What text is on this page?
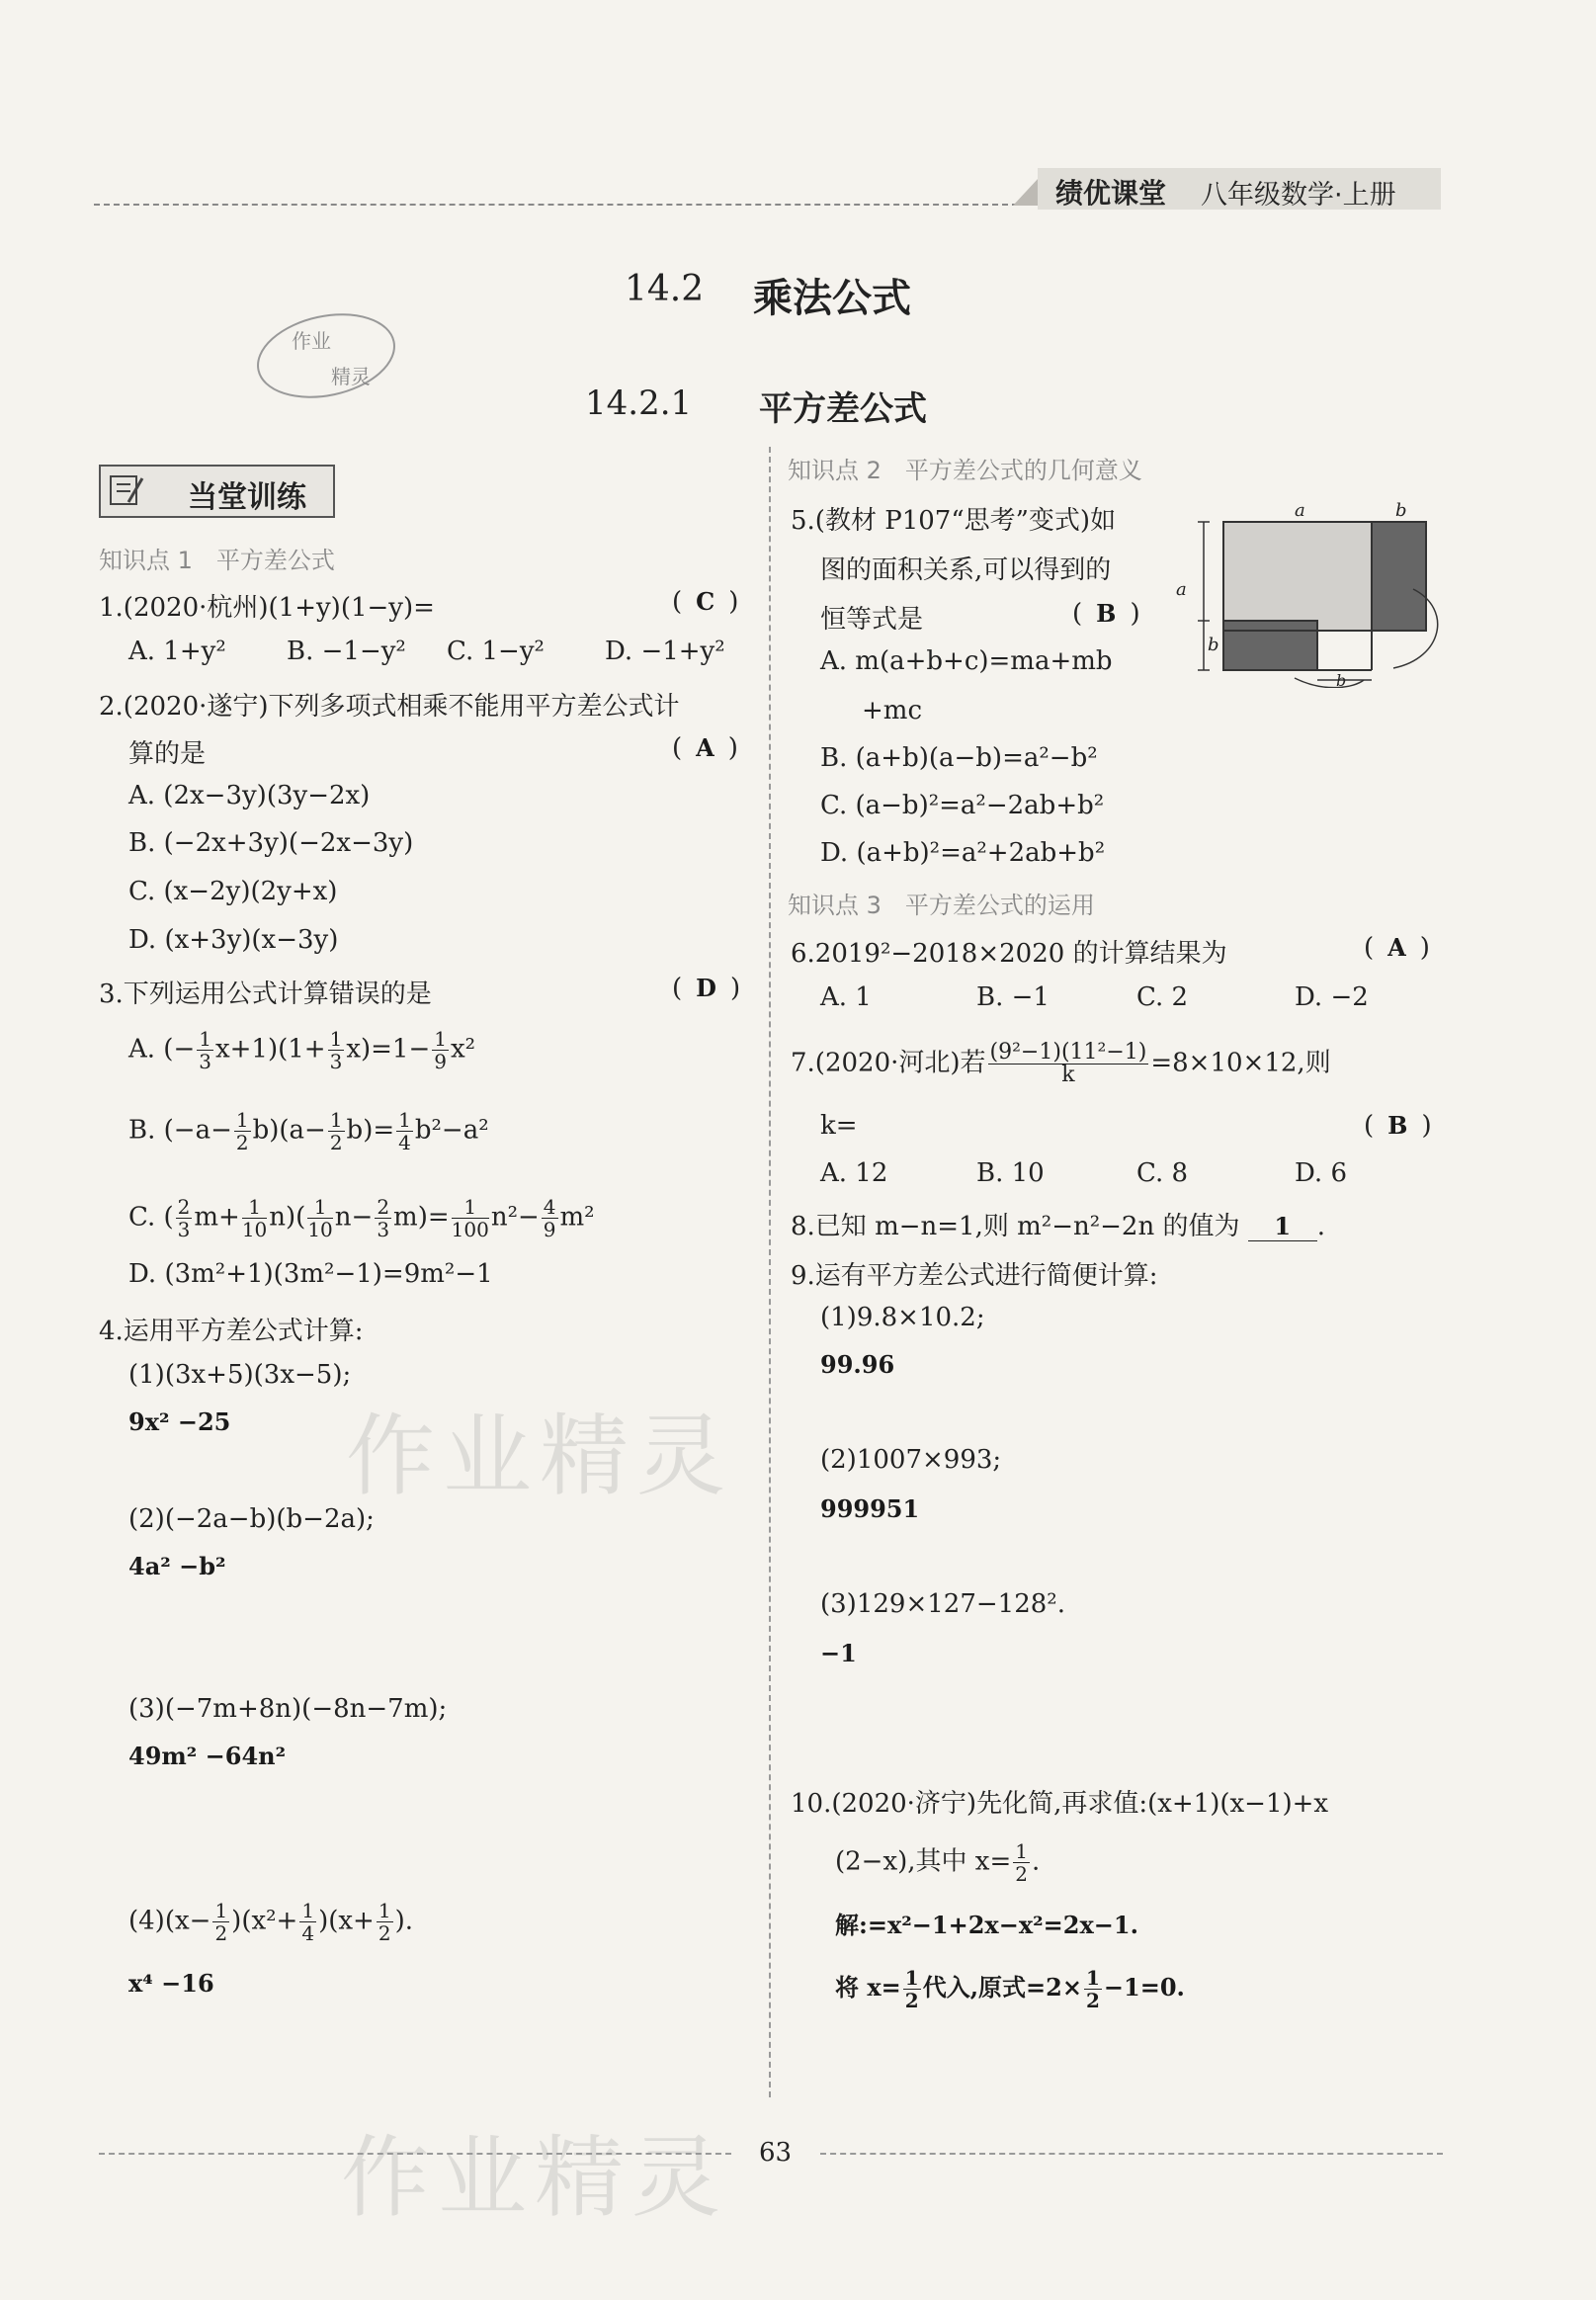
绩优课堂 八年级数学·上册
14.2 乘法公式
14.2.1 平方差公式
作业
精灵
当堂训练
知识点 1　平方差公式
1.(2020·杭州)(1+y)(1−y)=	( C )
A. 1+y² B. −1−y² C. 1−y² D. −1+y²
2.(2020·遂宁)下列多项式相乘不能用平方差公式计
算的是	( A )
A. (2x−3y)(3y−2x)
B. (−2x+3y)(−2x−3y)
C. (x−2y)(2y+x)
D. (x+3y)(x−3y)
3.下列运用公式计算错误的是	( D )
A. (− $\frac{1}{3} x+1)(1+ \frac{1}{3} x)=1- \frac{1}{9} x^2$
B. $(-a- \frac{1}{2} b)(a- \frac{1}{2} b)= \frac{1}{4} b^2-a^2$
C. ( $\frac{2}{3} m+ \frac{1}{10} n)( \frac{1}{10} n- \frac{2}{3} m)= \frac{1}{100} n^2- \frac{4}{9} m^2$
D. (3m²+1)(3m²−1)=9m²−1
4.运用平方差公式计算:
(1)(3x+5)(3x−5);
9x² −25
(2)(−2a−b)(b−2a);
4a² −b²
(3)(−7m+8n)(−8n−7m);
49m² −64n²
$(4)(x- \frac{1}{2} )(x^2+ \frac{1}{4} )(x+ \frac{1}{2}$ ).
x⁴ −16
知识点 2　平方差公式的几何意义
5.(教材 P107“思考”变式)如
图的面积关系,可以得到的
恒等式是	( B )
a	b
a
b
b
A. m(a+b+c)=ma+mb
+mc
B. (a+b)(a−b)=a²−b²
C. (a−b)²=a²−2ab+b²
D. (a+b)²=a²+2ab+b²
知识点 3　平方差公式的运用
6.2019²−2018×2020 的计算结果为	( A )
A. 1	B. −1	C. 2	D. −2
7.(2020·河北)若 $\frac{\text{(9²−1)(11²−1)}}{k} =8\times 10\times 12$,则
k=	( B )
A. 12	B. 10	C. 8	D. 6
8.已知 m−n=1,则 m²−n²−2n 的值为 1 .
9.运有平方差公式进行简便计算:
(1)9.8×10.2;
99.96
(2)1007×993;
999951
(3)129×127−128².
−1
10.(2020·济宁)先化简,再求值:(x+1)(x−1)+x
(2−x),其中 $x= \frac{1}{2}$ .
解:=x²−1+2x−x²=2x−1.
将 $x= \frac{1}{2}$ 代入,原式$=2\times \frac{1}{2} -1=0$.
作业精灵
作业精灵 63
